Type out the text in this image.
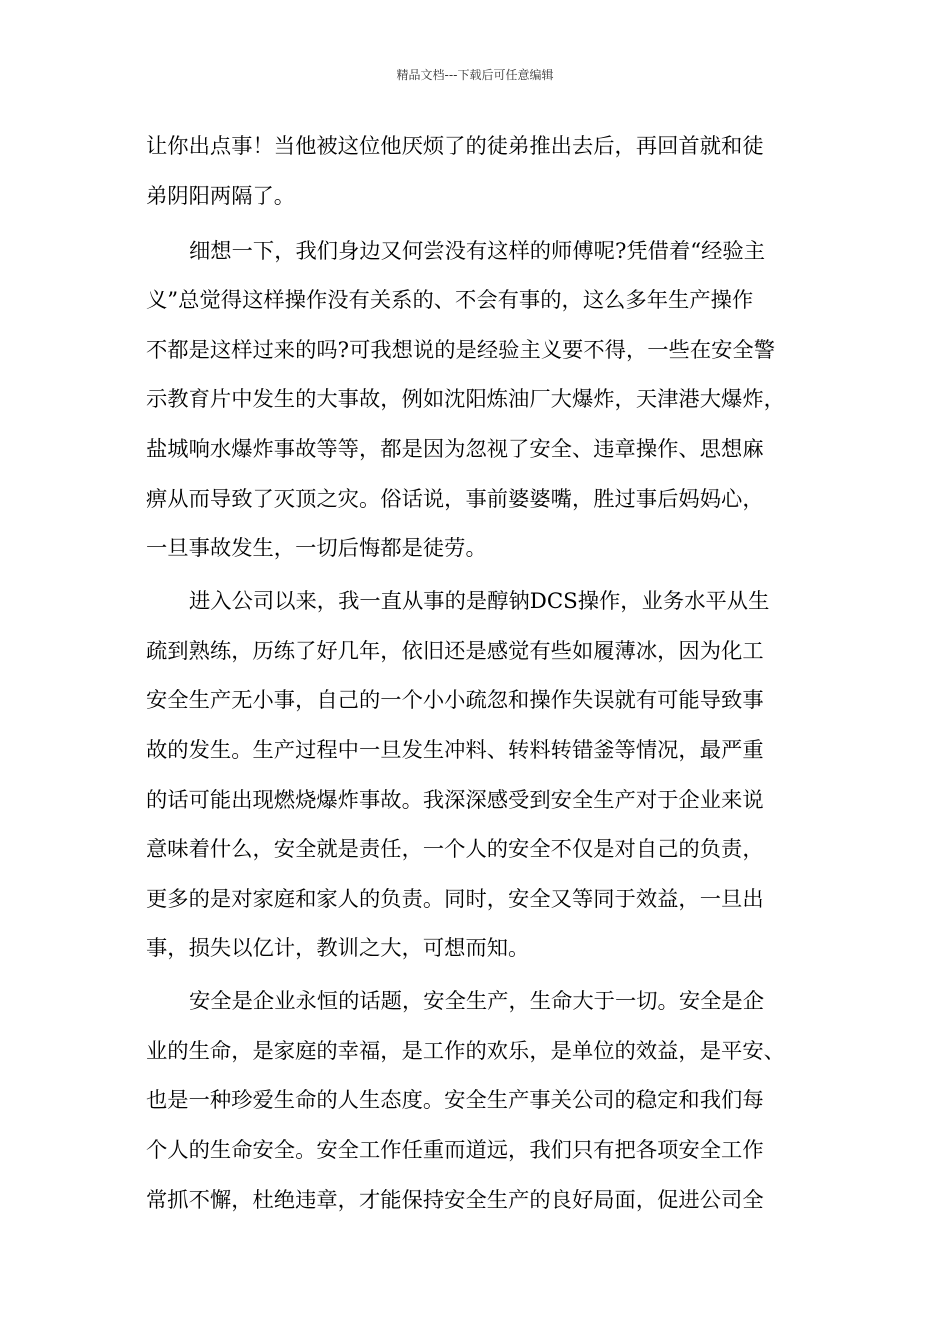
精品文档---下载后可任意编辑
让你出点事！当他被这位他厌烦了的徒弟推出去后，再回首就和徒
弟阴阳两隔了。
细想一下，我们身边又何尝没有这样的师傅呢?凭借着“经验主
义”总觉得这样操作没有关系的、不会有事的，这么多年生产操作
不都是这样过来的吗?可我想说的是经验主义要不得，一些在安全警
示教育片中发生的大事故，例如沈阳炼油厂大爆炸，天津港大爆炸，
盐城响水爆炸事故等等，都是因为忽视了安全、违章操作、思想麻
痹从而导致了灭顶之灾。俗话说，事前婆婆嘴，胜过事后妈妈心，
一旦事故发生，一切后悔都是徒劳。
进入公司以来，我一直从事的是醇钠DCS操作，业务水平从生
疏到熟练，历练了好几年，依旧还是感觉有些如履薄冰，因为化工
安全生产无小事，自己的一个小小疏忽和操作失误就有可能导致事
故的发生。生产过程中一旦发生冲料、转料转错釜等情况，最严重
的话可能出现燃烧爆炸事故。我深深感受到安全生产对于企业来说
意味着什么，安全就是责任，一个人的安全不仅是对自己的负责，
更多的是对家庭和家人的负责。同时，安全又等同于效益，一旦出
事，损失以亿计，教训之大，可想而知。
安全是企业永恒的话题，安全生产，生命大于一切。安全是企
业的生命，是家庭的幸福，是工作的欢乐，是单位的效益，是平安、
也是一种珍爱生命的人生态度。安全生产事关公司的稳定和我们每
个人的生命安全。安全工作任重而道远，我们只有把各项安全工作
常抓不懈，杜绝违章，才能保持安全生产的良好局面，促进公司全
